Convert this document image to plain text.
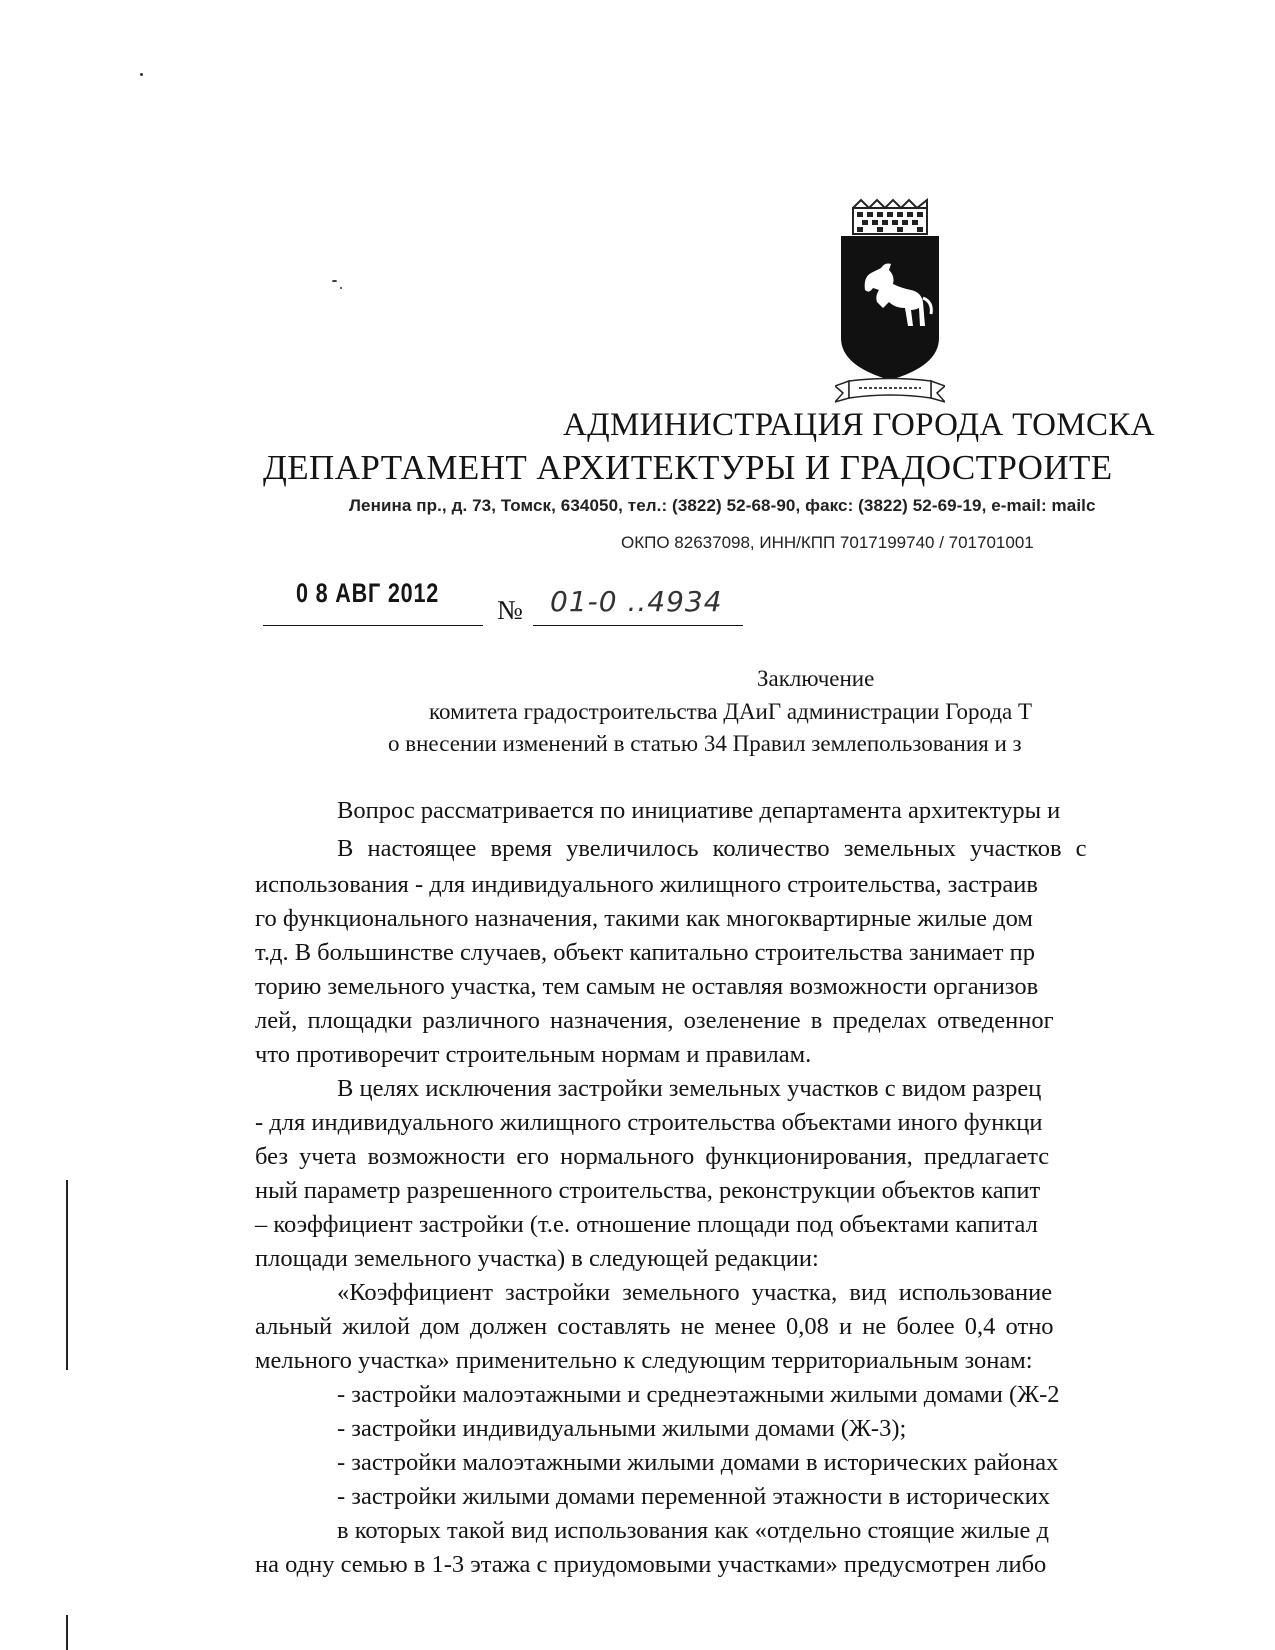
АДМИНИСТРАЦИЯ ГОРОДА ТОМСКА
ДЕПАРТАМЕНТ АРХИТЕКТУРЫ И ГРАДОСТРОИТЕ
Ленина пр., д. 73, Томск, 634050, тел.: (3822) 52-68-90, факс: (3822) 52-69-19, e-mail: mailc
ОКПО 82637098, ИНН/КПП 7017199740 / 701701001
0 8 АВГ 2012
№ 01-0 ..4934
Заключение
комитета градостроительства ДАиГ администрации Города Т
о внесении изменений в статью 34 Правил землепользования и з
Вопрос рассматривается по инициативе департамента архитектуры и
В настоящее время увеличилось количество земельных участков с
использования - для индивидуального жилищного строительства, застраив
го функционального назначения, такими как многоквартирные жилые дом
т.д. В большинстве случаев, объект капитально строительства занимает пр
торию земельного участка, тем самым не оставляя возможности организов
лей, площадки различного назначения, озеленение в пределах отведенног
что противоречит строительным нормам и правилам.
В целях исключения застройки земельных участков с видом разрец
- для индивидуального жилищного строительства объектами иного функци
без учета возможности его нормального функционирования, предлагаетс
ный параметр разрешенного строительства, реконструкции объектов капит
– коэффициент застройки (т.е. отношение площади под объектами капитал
площади земельного участка) в следующей редакции:
«Коэффициент застройки земельного участка, вид использование
альный жилой дом должен составлять не менее 0,08 и не более 0,4 отно
мельного участка» применительно к следующим территориальным зонам:
- застройки малоэтажными и среднеэтажными жилыми домами (Ж-2
- застройки индивидуальными жилыми домами (Ж-3);
- застройки малоэтажными жилыми домами в исторических районах
- застройки жилыми домами переменной этажности в исторических
в которых такой вид использования как «отдельно стоящие жилые д
на одну семью в 1-3 этажа с приудомовыми участками» предусмотрен либо
